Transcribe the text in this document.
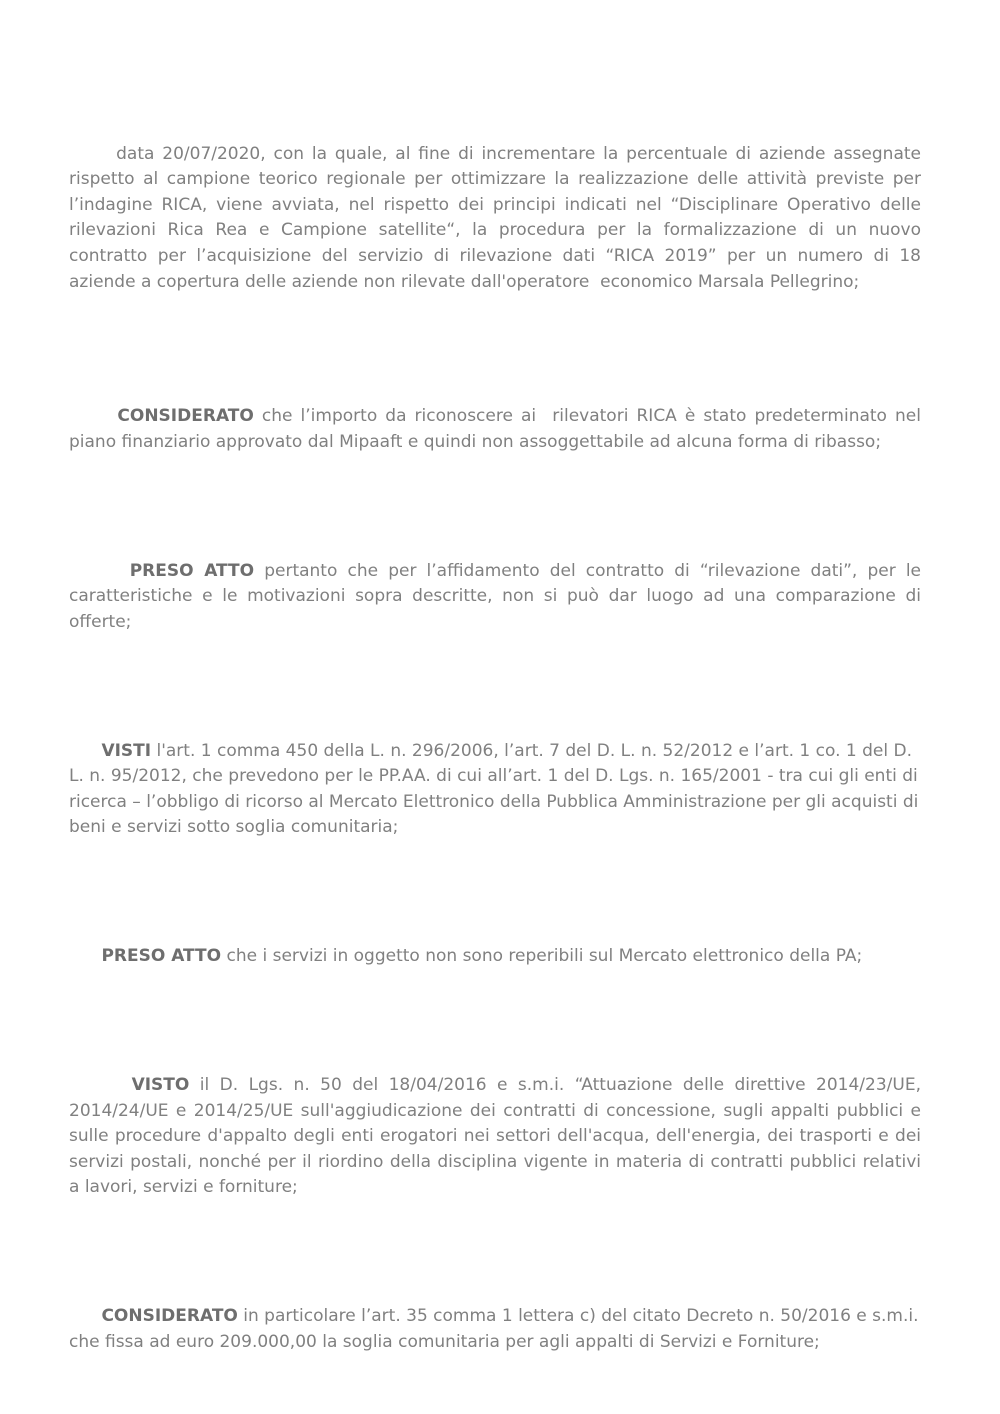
data 20/07/2020, con la quale, al fine di incrementare la percentuale di aziende assegnate rispetto al campione teorico regionale per ottimizzare la realizzazione delle attività previste per l’indagine RICA, viene avviata, nel rispetto dei principi indicati nel “Disciplinare Operativo delle rilevazioni Rica Rea e Campione satellite“, la procedura per la formalizzazione di un nuovo contratto per l’acquisizione del servizio di rilevazione dati “RICA 2019” per un numero di 18 aziende a copertura delle aziende non rilevate dall'operatore  economico Marsala Pellegrino;

CONSIDERATO che l’importo da riconoscere ai  rilevatori RICA è stato predeterminato nel piano finanziario approvato dal Mipaaft e quindi non assoggettabile ad alcuna forma di ribasso;

PRESO ATTO pertanto che per l’affidamento del contratto di “rilevazione dati”, per le caratteristiche e le motivazioni sopra descritte, non si può dar luogo ad una comparazione di offerte;

VISTI l'art. 1 comma 450 della L. n. 296/2006, l’art. 7 del D. L. n. 52/2012 e l’art. 1 co. 1 del D. L. n. 95/2012, che prevedono per le PP.AA. di cui all’art. 1 del D. Lgs. n. 165/2001 - tra cui gli enti di ricerca – l’obbligo di ricorso al Mercato Elettronico della Pubblica Amministrazione per gli acquisti di beni e servizi sotto soglia comunitaria;

PRESO ATTO che i servizi in oggetto non sono reperibili sul Mercato elettronico della PA;

VISTO il D. Lgs. n. 50 del 18/04/2016 e s.m.i. “Attuazione delle direttive 2014/23/UE, 2014/24/UE e 2014/25/UE sull'aggiudicazione dei contratti di concessione, sugli appalti pubblici e sulle procedure d'appalto degli enti erogatori nei settori dell'acqua, dell'energia, dei trasporti e dei servizi postali, nonché per il riordino della disciplina vigente in materia di contratti pubblici relativi a lavori, servizi e forniture;

CONSIDERATO in particolare l’art. 35 comma 1 lettera c) del citato Decreto n. 50/2016 e s.m.i. che fissa ad euro 209.000,00 la soglia comunitaria per agli appalti di Servizi e Forniture;
